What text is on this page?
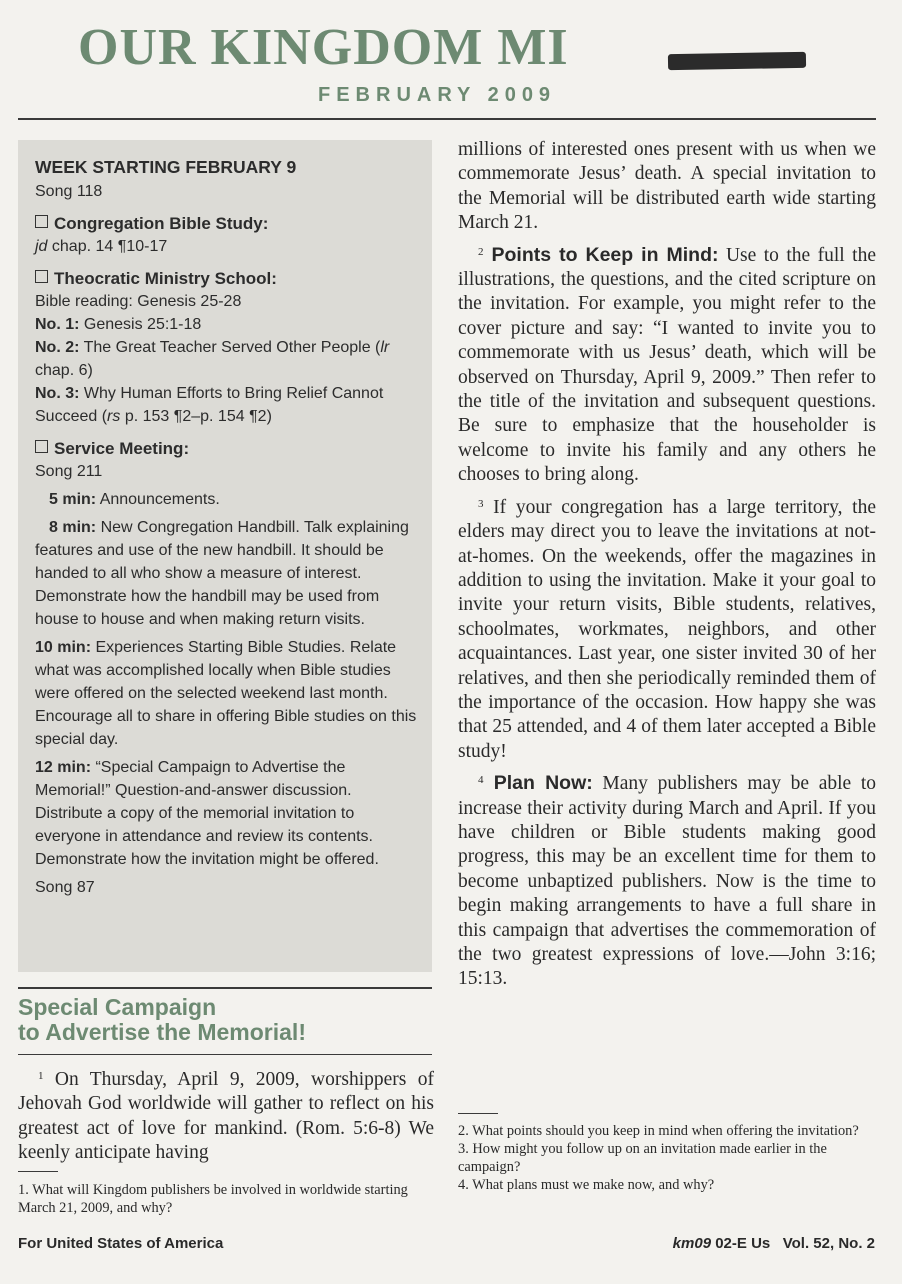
OUR KINGDOM MI
FEBRUARY 2009

WEEK STARTING FEBRUARY 9

Song 118

Congregation Bible Study:

jd chap. 14 ¶10-17

Theocratic Ministry School:

Bible reading: Genesis 25-28

No. 1: Genesis 25:1-18

No. 2: The Great Teacher Served Other People (lr chap. 6)

No. 3: Why Human Efforts to Bring Relief Cannot Succeed (rs p. 153 ¶2–p. 154 ¶2)

Service Meeting:

Song 211

5 min: Announcements.

8 min: New Congregation Handbill. Talk explaining features and use of the new handbill. It should be handed to all who show a measure of interest. Demonstrate how the handbill may be used from house to house and when making return visits.

10 min: Experiences Starting Bible Studies. Relate what was accomplished locally when Bible studies were offered on the selected weekend last month. Encourage all to share in offering Bible studies on this special day.

12 min: “Special Campaign to Advertise the Memorial!” Question-and-answer discussion. Distribute a copy of the memorial invitation to everyone in attendance and review its contents. Demonstrate how the invitation might be offered.

Song 87

Special Campaign
to Advertise the Memorial!

$^1$ On Thursday, April 9, 2009, worshippers of Jehovah God worldwide will gather to reflect on his greatest act of love for mankind. (Rom. 5:6-8) We keenly anticipate having

1. What will Kingdom publishers be involved in worldwide starting March 21, 2009, and why?

millions of interested ones present with us when we commemorate Jesus’ death. A special invitation to the Memorial will be distributed earth wide starting March 21.

$^2$ Points to Keep in Mind: Use to the full the illustrations, the questions, and the cited scripture on the invitation. For example, you might refer to the cover picture and say: “I wanted to invite you to commemorate with us Jesus’ death, which will be observed on Thursday, April 9, 2009.” Then refer to the title of the invitation and subsequent questions. Be sure to emphasize that the householder is welcome to invite his family and any others he chooses to bring along.

$^3$ If your congregation has a large territory, the elders may direct you to leave the invitations at not-at-homes. On the weekends, offer the magazines in addition to using the invitation. Make it your goal to invite your return visits, Bible students, relatives, schoolmates, workmates, neighbors, and other acquaintances. Last year, one sister invited 30 of her relatives, and then she periodically reminded them of the importance of the occasion. How happy she was that 25 attended, and 4 of them later accepted a Bible study!

$^4$ Plan Now: Many publishers may be able to increase their activity during March and April. If you have children or Bible students making good progress, this may be an excellent time for them to become unbaptized publishers. Now is the time to begin making arrangements to have a full share in this campaign that advertises the commemoration of the two greatest expressions of love.—John 3:16; 15:13.

2. What points should you keep in mind when offering the invitation?

3. How might you follow up on an invitation made earlier in the campaign?

4. What plans must we make now, and why?

For United States of America	km09 02-E Us   Vol. 52, No. 2
